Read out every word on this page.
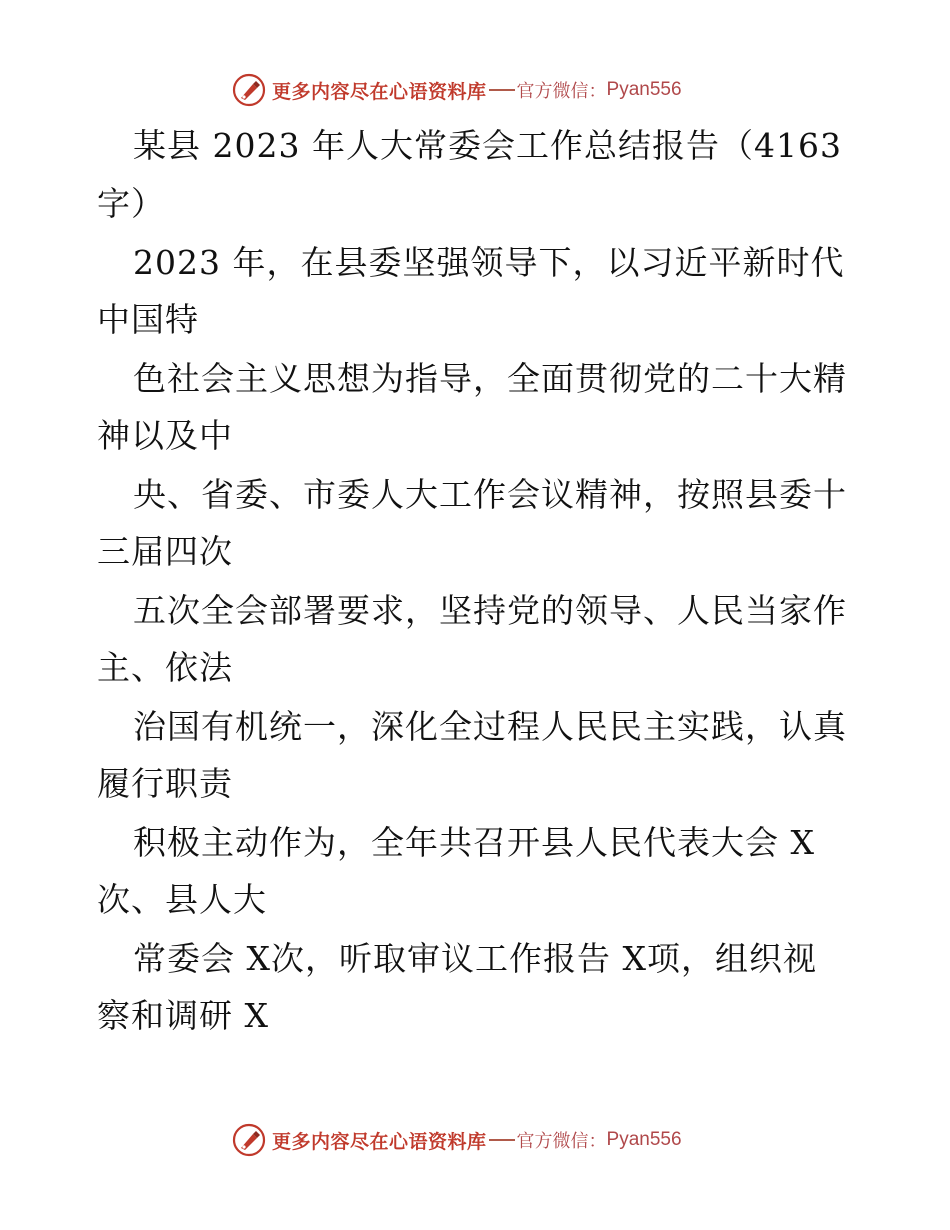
更多内容尽在心语资料库 官方微信： Pyan556
某县 2023 年人大常委会工作总结报告（4163
字）
2023 年，在县委坚强领导下，以习近平新时代
中国特
色社会主义思想为指导，全面贯彻党的二十大精
神以及中
央、省委、市委人大工作会议精神，按照县委十
三届四次
五次全会部署要求，坚持党的领导、人民当家作
主、依法
治国有机统一，深化全过程人民民主实践，认真
履行职责
积极主动作为，全年共召开县人民代表大会 X
次、县人大
常委会 X次，听取审议工作报告 X项，组织视
察和调研 X
更多内容尽在心语资料库 官方微信： Pyan556
